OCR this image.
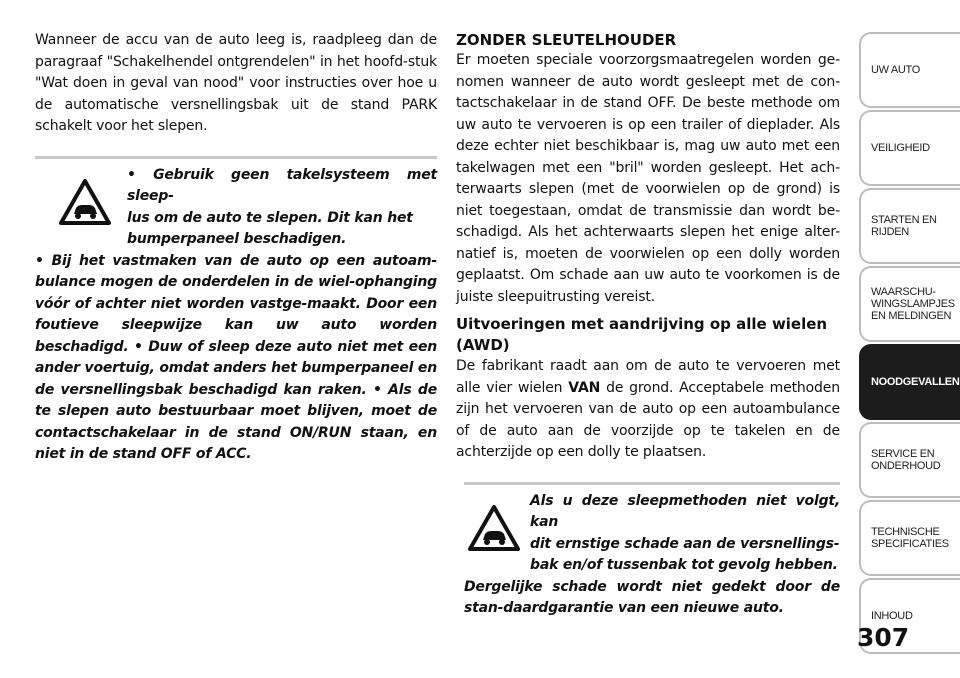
Wanneer de accu van de auto leeg is, raadpleeg dan de paragraaf "Schakelhendel ontgrendelen" in het hoofd-stuk "Wat doen in geval van nood" voor instructies over hoe u de automatische versnellingsbak uit de stand PARK schakelt voor het slepen.

• Gebruik geen takelsysteem met sleep-
lus om de auto te slepen. Dit kan het
bumperpaneel beschadigen.
• Bij het vastmaken van de auto op een autoam-bulance mogen de onderdelen in de wiel-ophanging vóór of achter niet worden vastge-maakt. Door een foutieve sleepwijze kan uw auto worden beschadigd. • Duw of sleep deze auto niet met een ander voertuig, omdat anders het bumperpaneel en de versnellingsbak beschadigd kan raken. • Als de te slepen auto bestuurbaar moet blijven, moet de contactschakelaar in de stand ON/RUN staan, en niet in de stand OFF of ACC.

ZONDER SLEUTELHOUDER

Er moeten speciale voorzorgsmaatregelen worden ge-nomen wanneer de auto wordt gesleept met de con-tactschakelaar in de stand OFF. De beste methode om uw auto te vervoeren is op een trailer of dieplader. Als deze echter niet beschikbaar is, mag uw auto met een takelwagen met een "bril" worden gesleept. Het ach-terwaarts slepen (met de voorwielen op de grond) is niet toegestaan, omdat de transmissie dan wordt be-schadigd. Als het achterwaarts slepen het enige alter-natief is, moeten de voorwielen op een dolly worden geplaatst. Om schade aan uw auto te voorkomen is de juiste sleepuitrusting vereist.

Uitvoeringen met aandrijving op alle wielen (AWD)

De fabrikant raadt aan om de auto te vervoeren met alle vier wielen VAN de grond. Acceptabele methoden zijn het vervoeren van de auto op een autoambulance of de auto aan de voorzijde op te takelen en de achterzijde op een dolly te plaatsen.

Als u deze sleepmethoden niet volgt, kan
dit ernstige schade aan de versnellings-
bak en/of tussenbak tot gevolg hebben.
Dergelijke schade wordt niet gedekt door de stan-daardgarantie van een nieuwe auto.

UW AUTO
VEILIGHEID
STARTEN EN
RIJDEN
WAARSCHU-
WINGSLAMPJES
EN MELDINGEN
NOODGEVALLEN
SERVICE EN
ONDERHOUD
TECHNISCHE
SPECIFICATIES
INHOUD
307
